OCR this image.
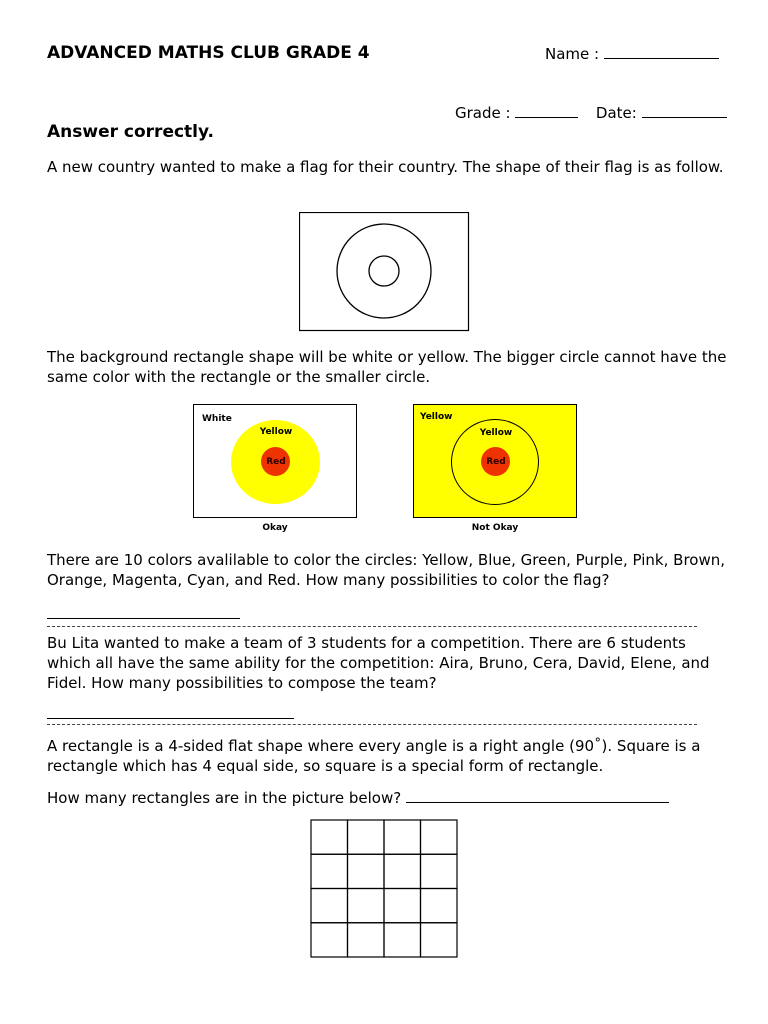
ADVANCED MATHS CLUB GRADE 4	Name :
Grade :	Date:
Answer correctly.
A new country wanted to make a flag for their country. The shape of their flag is as follow.
The background rectangle shape will be white or yellow. The bigger circle cannot have the same color with the rectangle or the smaller circle.
White
Yellow
Red
Okay
Yellow
Yellow
Red
Not Okay
There are 10 colors avalilable to color the circles: Yellow, Blue, Green, Purple, Pink, Brown, Orange, Magenta, Cyan, and Red. How many possibilities to color the flag?
Bu Lita wanted to make a team of 3 students for a competition. There are 6 students which all have the same ability for the competition: Aira, Bruno, Cera, David, Elene, and Fidel. How many possibilities to compose the team?
A rectangle is a 4-sided flat shape where every angle is a right angle (90˚). Square is a rectangle which has 4 equal side, so square is a special form of rectangle.
How many rectangles are in the picture below?
